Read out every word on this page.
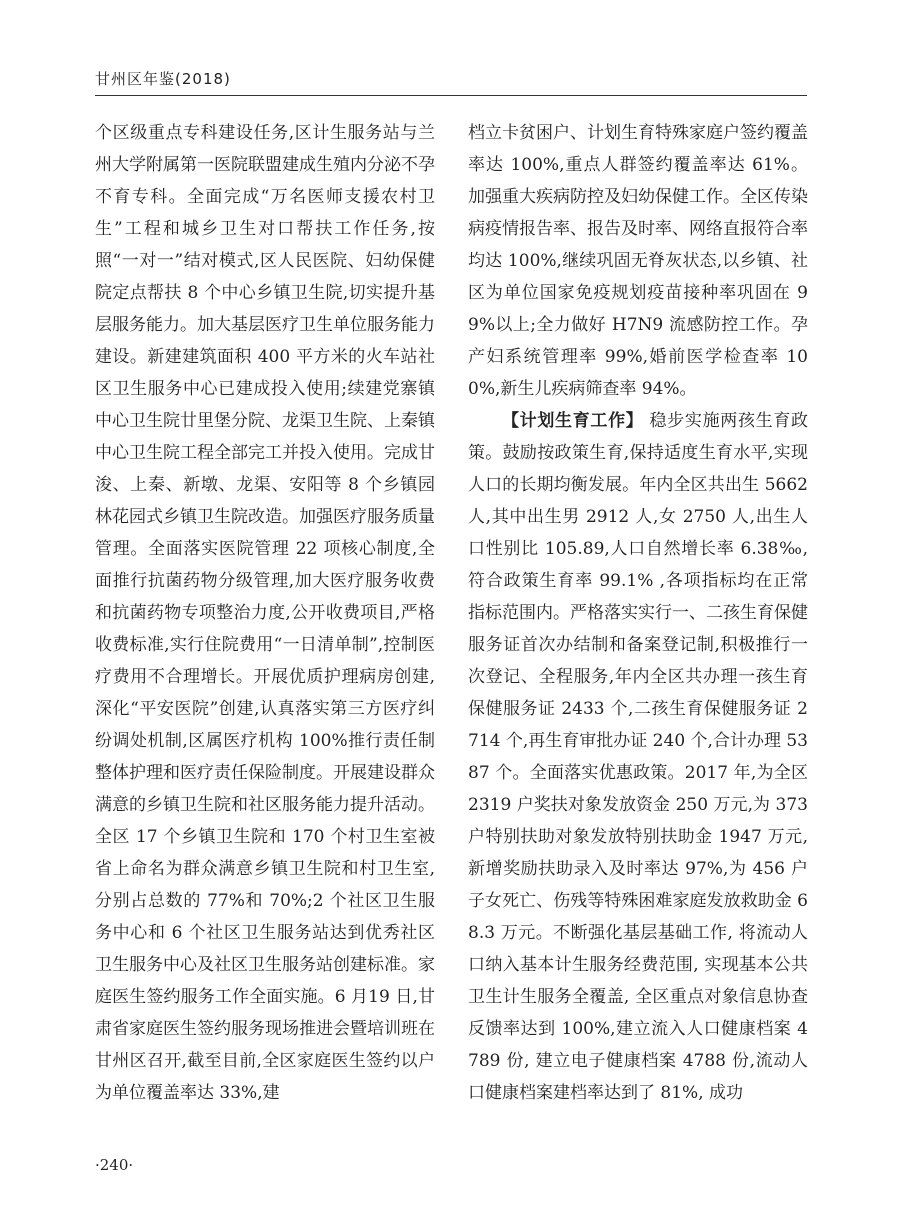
甘州区年鉴(2018)

个区级重点专科建设任务,区计生服务站与兰州大学附属第一医院联盟建成生殖内分泌不孕不育专科。全面完成“万名医师支援农村卫生”工程和城乡卫生对口帮扶工作任务,按照“一对一”结对模式,区人民医院、妇幼保健院定点帮扶 8 个中心乡镇卫生院,切实提升基层服务能力。加大基层医疗卫生单位服务能力建设。新建建筑面积 400 平方米的火车站社区卫生服务中心已建成投入使用;续建党寨镇中心卫生院廿里堡分院、龙渠卫生院、上秦镇中心卫生院工程全部完工并投入使用。完成甘浚、上秦、新墩、龙渠、安阳等 8 个乡镇园林花园式乡镇卫生院改造。加强医疗服务质量管理。全面落实医院管理 22 项核心制度,全面推行抗菌药物分级管理,加大医疗服务收费和抗菌药物专项整治力度,公开收费项目,严格收费标准,实行住院费用“一日清单制”,控制医疗费用不合理增长。开展优质护理病房创建,深化“平安医院”创建,认真落实第三方医疗纠纷调处机制,区属医疗机构 100%推行责任制整体护理和医疗责任保险制度。开展建设群众满意的乡镇卫生院和社区服务能力提升活动。全区 17 个乡镇卫生院和 170 个村卫生室被省上命名为群众满意乡镇卫生院和村卫生室,分别占总数的 77%和 70%;2 个社区卫生服务中心和 6 个社区卫生服务站达到优秀社区卫生服务中心及社区卫生服务站创建标准。家庭医生签约服务工作全面实施。6 月19 日,甘肃省家庭医生签约服务现场推进会暨培训班在甘州区召开,截至目前,全区家庭医生签约以户为单位覆盖率达 33%,建

档立卡贫困户、计划生育特殊家庭户签约覆盖率达 100%,重点人群签约覆盖率达 61%。加强重大疾病防控及妇幼保健工作。全区传染病疫情报告率、报告及时率、网络直报符合率均达 100%,继续巩固无脊灰状态,以乡镇、社区为单位国家免疫规划疫苗接种率巩固在 99%以上;全力做好 H7N9 流感防控工作。孕产妇系统管理率 99%,婚前医学检查率 100%,新生儿疾病筛查率 94%。

【计划生育工作】 稳步实施两孩生育政策。鼓励按政策生育,保持适度生育水平,实现人口的长期均衡发展。年内全区共出生 5662 人,其中出生男 2912 人,女 2750 人,出生人口性别比 105.89,人口自然增长率 6.38‰,符合政策生育率 99.1% ,各项指标均在正常指标范围内。严格落实实行一、二孩生育保健服务证首次办结制和备案登记制,积极推行一次登记、全程服务,年内全区共办理一孩生育保健服务证 2433 个,二孩生育保健服务证 2714 个,再生育审批办证 240 个,合计办理 5387 个。全面落实优惠政策。2017 年,为全区 2319 户奖扶对象发放资金 250 万元,为 373 户特别扶助对象发放特别扶助金 1947 万元, 新增奖励扶助录入及时率达 97%,为 456 户子女死亡、伤残等特殊困难家庭发放救助金 68.3 万元。不断强化基层基础工作, 将流动人口纳入基本计生服务经费范围, 实现基本公共卫生计生服务全覆盖, 全区重点对象信息协查反馈率达到 100%,建立流入人口健康档案 4789 份, 建立电子健康档案 4788 份,流动人口健康档案建档率达到了 81%, 成功

·240·
